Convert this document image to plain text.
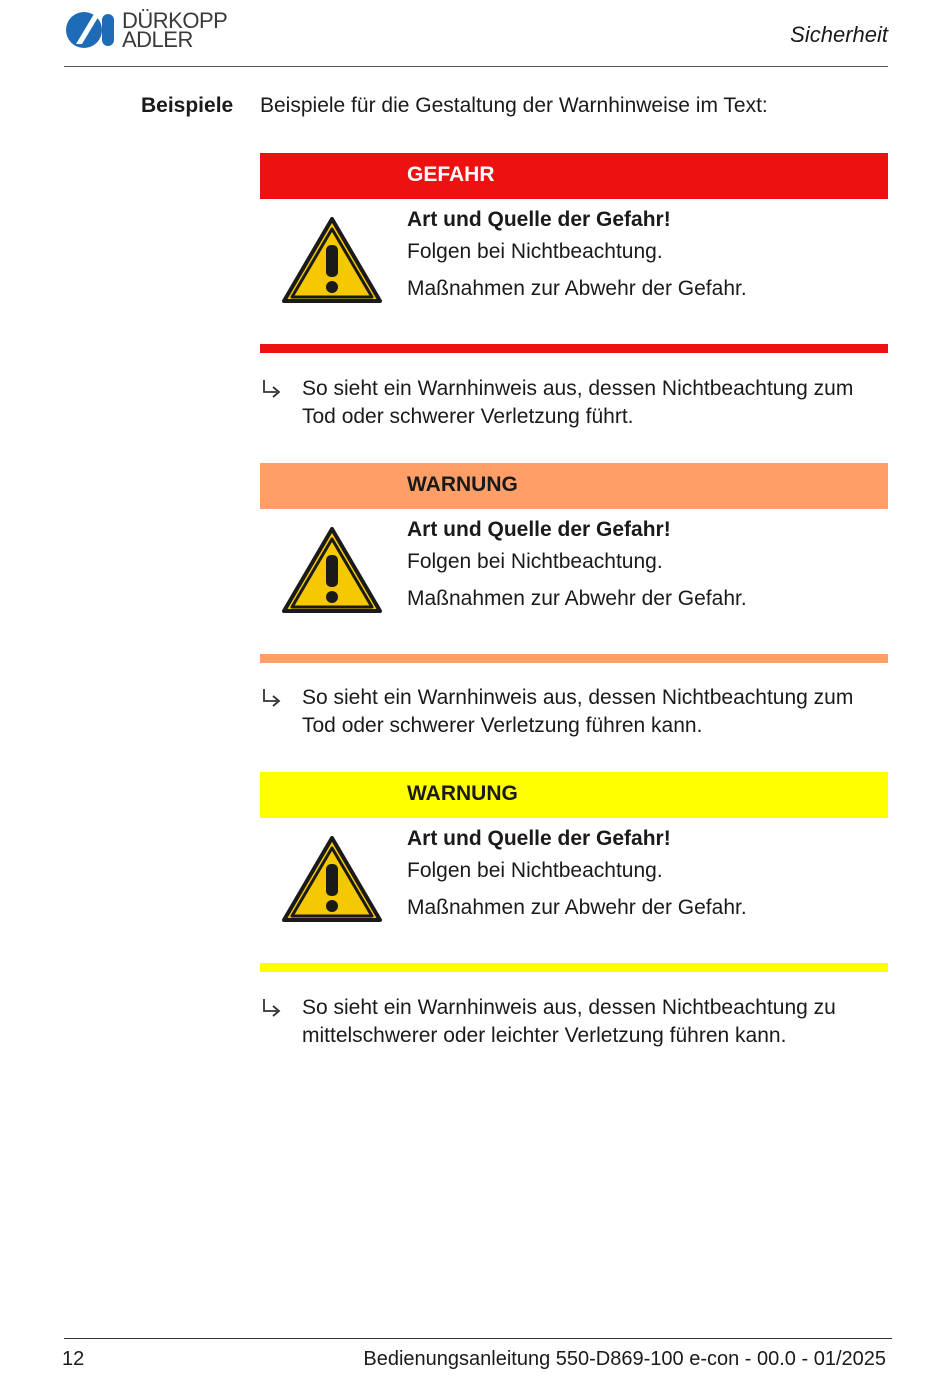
DÜRKOPP
ADLER	Sicherheit
Beispiele Beispiele für die Gestaltung der Warnhinweise im Text:
GEFAHR
Art und Quelle der Gefahr!
Folgen bei Nichtbeachtung.
Maßnahmen zur Abwehr der Gefahr.
So sieht ein Warnhinweis aus, dessen Nichtbeachtung zum Tod oder schwerer Verletzung führt.
WARNUNG
Art und Quelle der Gefahr!
Folgen bei Nichtbeachtung.
Maßnahmen zur Abwehr der Gefahr.
So sieht ein Warnhinweis aus, dessen Nichtbeachtung zum Tod oder schwerer Verletzung führen kann.
WARNUNG
Art und Quelle der Gefahr!
Folgen bei Nichtbeachtung.
Maßnahmen zur Abwehr der Gefahr.
So sieht ein Warnhinweis aus, dessen Nichtbeachtung zu mittelschwerer oder leichter Verletzung führen kann.
12	Bedienungsanleitung 550-D869-100 e-con - 00.0 - 01/2025
